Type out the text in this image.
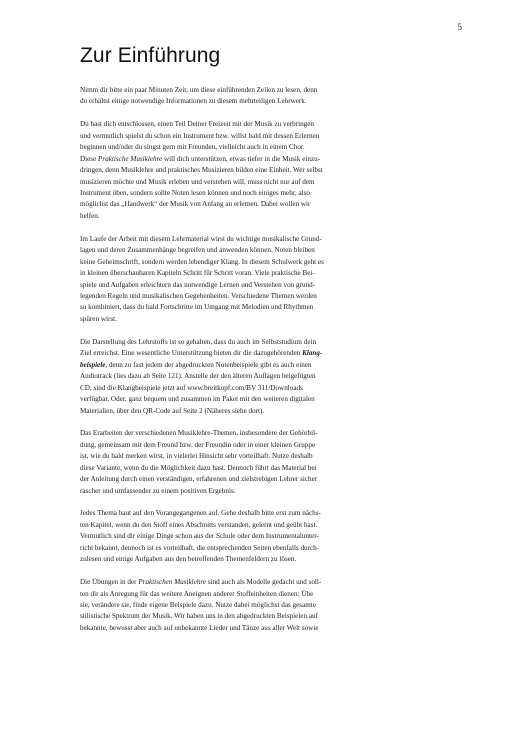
5
Zur Einführung

Nimm dir bitte ein paar Minuten Zeit, um diese einführenden Zeilen zu lesen, denn
du erhältst einige notwendige Informationen zu diesem mehrteiligen Lehrwerk.

Du hast dich entschlossen, einen Teil Deiner Freizeit mit der Musik zu verbringen
und vermutlich spielst du schon ein Instrument bzw. willst bald mit dessen Erlernen
beginnen und/oder du singst gern mit Freunden, vielleicht auch in einem Chor.
Diese Praktische Musiklehre will dich unterstützen, etwas tiefer in die Musik einzu-
dringen, denn Musiklehre und praktisches Musizieren bilden eine Einheit. Wer selbst
musizieren möchte und Musik erleben und verstehen will, muss nicht nur auf dem
Instrument üben, sondern sollte Noten lesen können und noch einiges mehr, also
möglichst das „Handwerk“ der Musik von Anfang an erlernen. Dabei wollen wir
helfen.

Im Laufe der Arbeit mit diesem Lehrmaterial wirst du wichtige musikalische Grund-
lagen und deren Zusammenhänge begreifen und anwenden können. Noten bleiben
keine Geheimschrift, sondern werden lebendiger Klang. In diesem Schulwerk geht es
in kleinen überschaubaren Kapiteln Schritt für Schritt voran. Viele praktische Bei-
spiele und Aufgaben erleichtern das notwendige Lernen und Verstehen von grund-
legenden Regeln und musikalischen Gegebenheiten. Verschiedene Themen werden
so kombiniert, dass du bald Fortschritte im Umgang mit Melodien und Rhythmen
spüren wirst.

Die Darstellung des Lehrstoffs ist so gehalten, dass du auch im Selbststudium dein
Ziel erreichst. Eine wesentliche Unterstützung bieten dir die dazugehörenden Klang-
beispiele, denn zu fast jedem der abgedruckten Notenbeispiele gibt es auch einen
Audiotrack (lies dazu ab Seite 121). Anstelle der den älteren Auflagen beigefügten
CD, sind die Klangbeispiele jetzt auf www.breitkopf.com/BV 311/Downloads
verfügbar. Oder, ganz bequem und zusammen im Paket mit den weiteren digitalen
Materialien, über den QR-Code auf Seite 2 (Näheres siehe dort).

Das Erarbeiten der verschiedenen Musiklehre-Themen, insbesondere der Gehörbil-
dung, gemeinsam mit dem Freund bzw. der Freundin oder in einer kleinen Gruppe
ist, wie du bald merken wirst, in vielerlei Hinsicht sehr vorteilhaft. Nutze deshalb
diese Variante, wenn du die Möglichkeit dazu hast. Dennoch führt das Material bei
der Anleitung durch einen verständigen, erfahrenen und zielstrebigen Lehrer sicher
rascher und umfassender zu einem positiven Ergebnis.

Jedes Thema baut auf den Vorangegangenen auf. Gehe deshalb bitte erst zum nächs-
ten Kapitel, wenn du den Stoff eines Abschnitts verstanden, gelernt und geübt hast.
Vermutlich sind dir einige Dinge schon aus der Schule oder dem Instrumentalunter-
richt bekannt, dennoch ist es vorteilhaft, die entsprechenden Seiten ebenfalls durch-
zulesen und einige Aufgaben aus den betreffenden Themenfeldern zu lösen.

Die Übungen in der Praktischen Musiklehre sind auch als Modelle gedacht und soll-
ten dir als Anregung für das weitere Aneignen anderer Stoffeinheiten dienen: Übe
sie, verändere sie, finde eigene Beispiele dazu. Nutze dabei möglichst das gesamte
stilistische Spektrum der Musik. Wir haben uns in den abgedruckten Beispielen auf
bekannte, bewusst aber auch auf unbekannte Lieder und Tänze aus aller Welt sowie
